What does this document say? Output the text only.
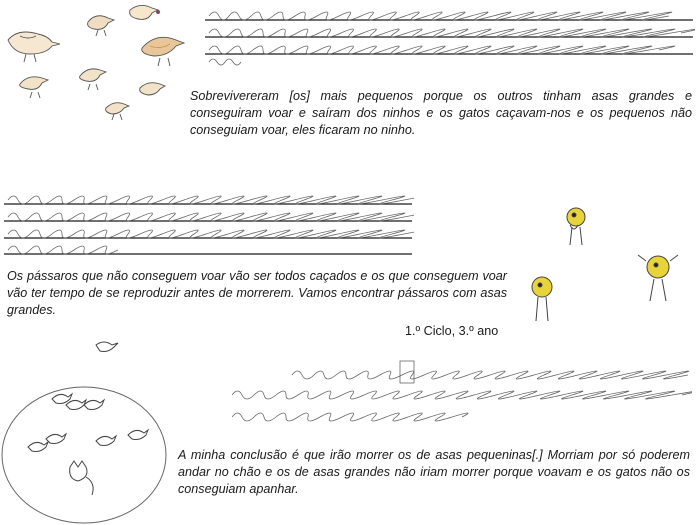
Sobrevivereram [os] mais pequenos porque os outros tinham asas grandes e conseguiram voar e saíram dos ninhos e os gatos caçavam-nos e os pequenos não conseguiam voar, eles ficaram no ninho.

Os pássaros que não conseguem voar vão ser todos caçados e os que conseguem voar vão ter tempo de se reproduzir antes de morrerem. Vamos encontrar pássaros com asas grandes.

1.º Ciclo, 3.º ano

A minha conclusão é que irão morrer os de asas pequeninas[.] Morriam por só poderem andar no chão e os de asas grandes não iriam morrer porque voavam e os gatos não os conseguiam apanhar.
